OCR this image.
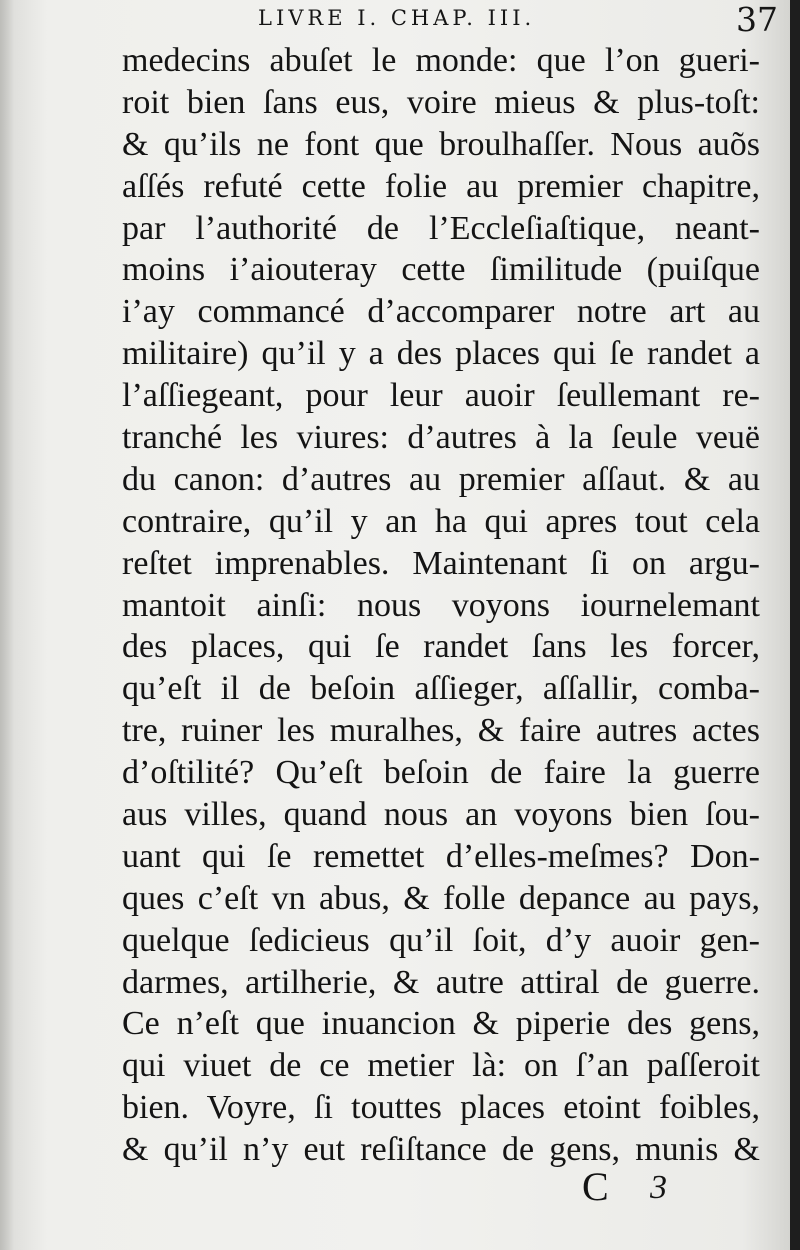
LIVRE I. CHAP. III.	37
medecins abuſet le monde: que l’on gueri-
roit bien ſans eus, voire mieus & plus-toſt:
& qu’ils ne font que broulhaſſer. Nous auõs
aſſés refuté cette folie au premier chapitre,
par l’authorité de l’Eccleſiaſtique, neant-
moins i’aiouteray cette ſimilitude (puiſque
i’ay commancé d’accomparer notre art au
militaire) qu’il y a des places qui ſe randet a
l’aſſiegeant, pour leur auoir ſeullemant re-
tranché les viures: d’autres à la ſeule veuë
du canon: d’autres au premier aſſaut. & au
contraire, qu’il y an ha qui apres tout cela
reſtet imprenables. Maintenant ſi on argu-
mantoit ainſi: nous voyons iournelemant
des places, qui ſe randet ſans les forcer,
qu’eſt il de beſoin aſſieger, aſſallir, comba-
tre, ruiner les muralhes, & faire autres actes
d’oſtilité? Qu’eſt beſoin de faire la guerre
aus villes, quand nous an voyons bien ſou-
uant qui ſe remettet d’elles-meſmes? Don-
ques c’eſt vn abus, & folle depance au pays,
quelque ſedicieus qu’il ſoit, d’y auoir gen-
darmes, artilherie, & autre attiral de guerre.
Ce n’eſt que inuancion & piperie des gens,
qui viuet de ce metier là: on ſ’an paſſeroit
bien. Voyre, ſi touttes places etoint foibles,
& qu’il n’y eut reſiſtance de gens, munis &
C 3
